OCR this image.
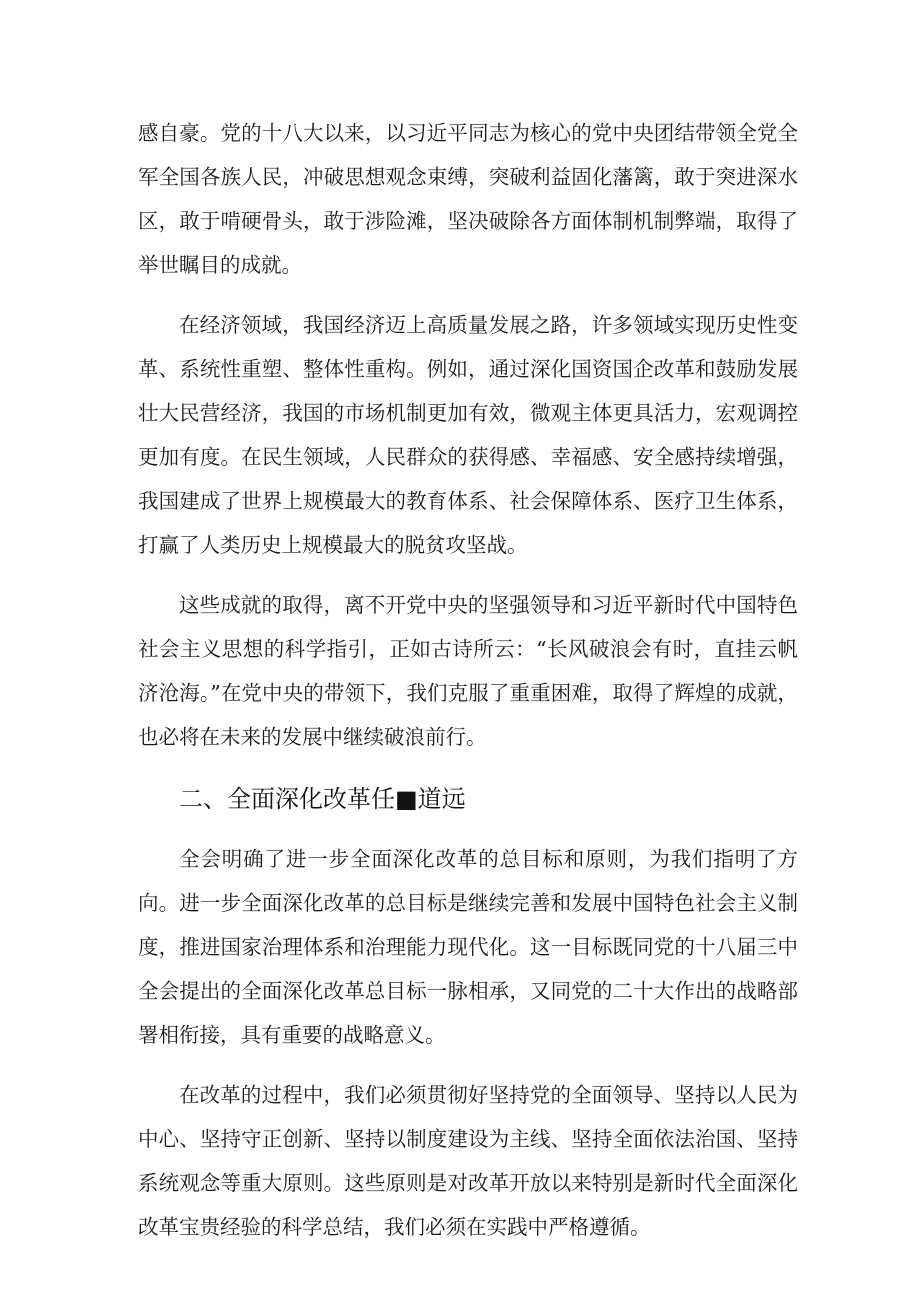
感自豪。党的十八大以来，以习近平同志为核心的党中央团结带领全党全军全国各族人民，冲破思想观念束缚，突破利益固化藩篱，敢于突进深水区，敢于啃硬骨头，敢于涉险滩，坚决破除各方面体制机制弊端，取得了举世瞩目的成就。

在经济领域，我国经济迈上高质量发展之路，许多领域实现历史性变革、系统性重塑、整体性重构。例如，通过深化国资国企改革和鼓励发展壮大民营经济，我国的市场机制更加有效，微观主体更具活力，宏观调控更加有度。在民生领域，人民群众的获得感、幸福感、安全感持续增强，我国建成了世界上规模最大的教育体系、社会保障体系、医疗卫生体系，打赢了人类历史上规模最大的脱贫攻坚战。

这些成就的取得，离不开党中央的坚强领导和习近平新时代中国特色社会主义思想的科学指引，正如古诗所云：“长风破浪会有时，直挂云帆济沧海。”在党中央的带领下，我们克服了重重困难，取得了辉煌的成就，也必将在未来的发展中继续破浪前行。

二、全面深化改革任■道远

全会明确了进一步全面深化改革的总目标和原则，为我们指明了方向。进一步全面深化改革的总目标是继续完善和发展中国特色社会主义制度，推进国家治理体系和治理能力现代化。这一目标既同党的十八届三中全会提出的全面深化改革总目标一脉相承，又同党的二十大作出的战略部署相衔接，具有重要的战略意义。

在改革的过程中，我们必须贯彻好坚持党的全面领导、坚持以人民为中心、坚持守正创新、坚持以制度建设为主线、坚持全面依法治国、坚持系统观念等重大原则。这些原则是对改革开放以来特别是新时代全面深化改革宝贵经验的科学总结，我们必须在实践中严格遵循。
